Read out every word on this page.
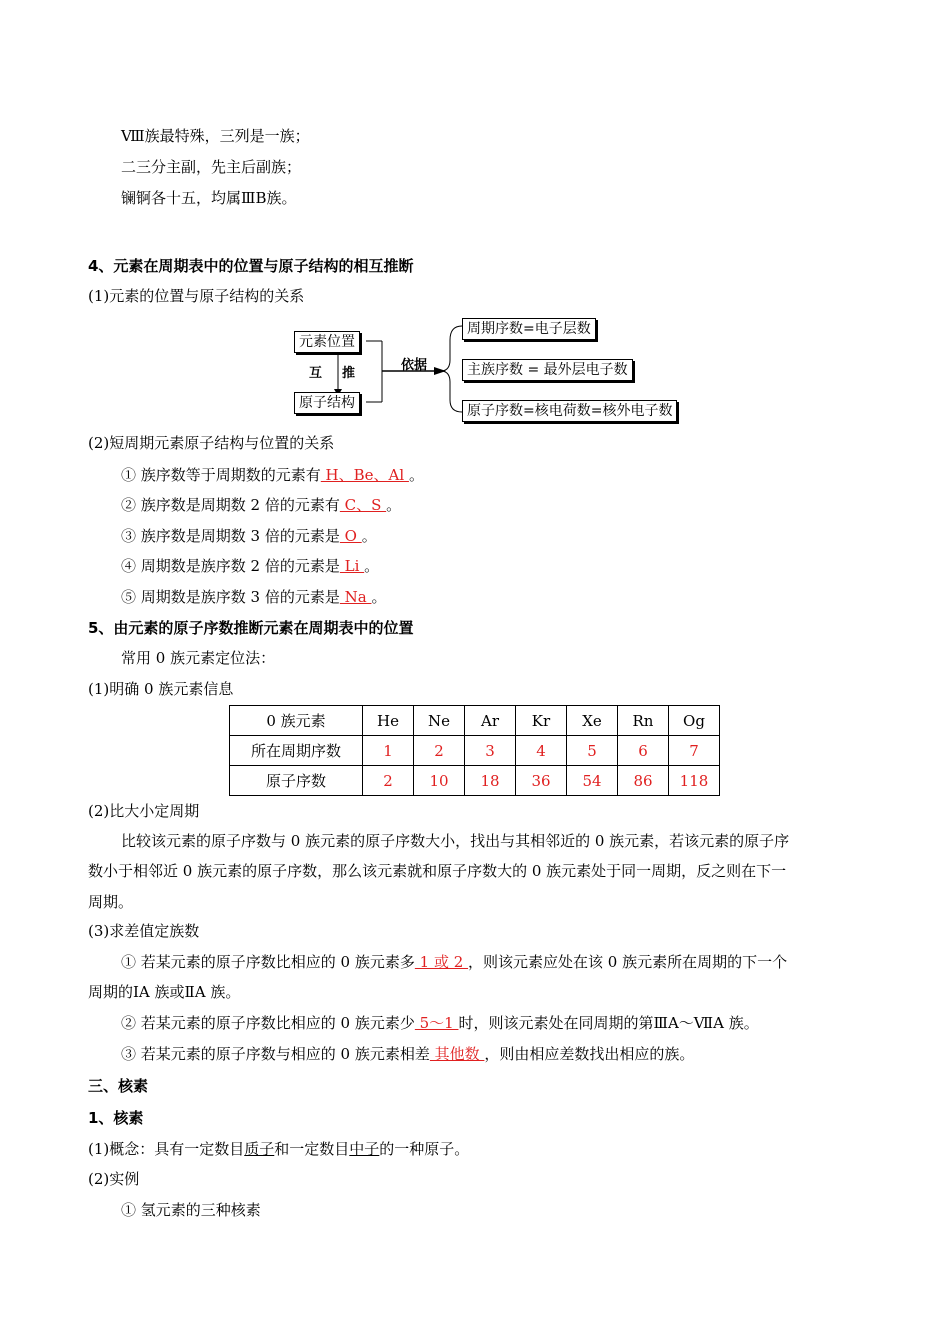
Ⅷ族最特殊，三列是一族；
二三分主副，先主后副族；
镧锕各十五，均属ⅢB族。
4、元素在周期表中的位置与原子结构的相互推断
(1)元素的位置与原子结构的关系
元素位置
原子结构
互 推
依据
周期序数=电子层数
主族序数 = 最外层电子数
原子序数=核电荷数=核外电子数
(2)短周期元素原子结构与位置的关系
① 族序数等于周期数的元素有 H、Be、Al 。
② 族序数是周期数 2 倍的元素有 C、S 。
③ 族序数是周期数 3 倍的元素是 O 。
④ 周期数是族序数 2 倍的元素是 Li 。
⑤ 周期数是族序数 3 倍的元素是 Na 。
5、由元素的原子序数推断元素在周期表中的位置
常用 0 族元素定位法：
(1)明确 0 族元素信息
0 族元素	He	Ne	Ar	Kr	Xe	Rn	Og
所在周期序数	1	2	3	4	5	6	7
原子序数	2	10	18	36	54	86	118
(2)比大小定周期
比较该元素的原子序数与 0 族元素的原子序数大小，找出与其相邻近的 0 族元素，若该元素的原子序
数小于相邻近 0 族元素的原子序数，那么该元素就和原子序数大的 0 族元素处于同一周期，反之则在下一
周期。
(3)求差值定族数
① 若某元素的原子序数比相应的 0 族元素多 1 或 2 ，则该元素应处在该 0 族元素所在周期的下一个
周期的ⅠA 族或ⅡA 族。
② 若某元素的原子序数比相应的 0 族元素少 5～1 时，则该元素处在同周期的第ⅢA～ⅦA 族。
③ 若某元素的原子序数与相应的 0 族元素相差 其他数 ，则由相应差数找出相应的族。
三、核素
1、核素
(1)概念：具有一定数目质子和一定数目中子的一种原子。
(2)实例
① 氢元素的三种核素
